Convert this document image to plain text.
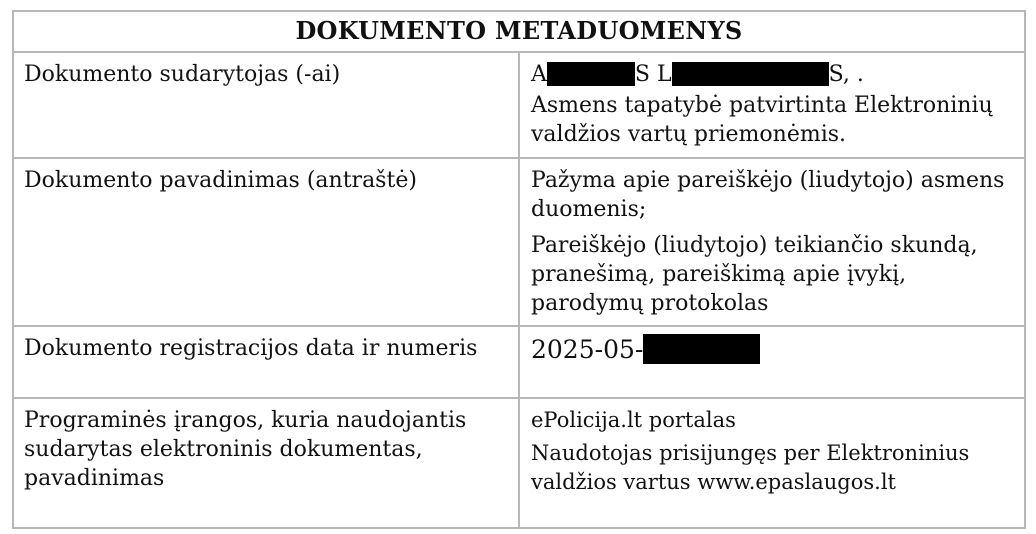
DOKUMENTO METADUOMENYS	
Dokumento sudarytojas (-ai)	A S L S, .

Asmens tapatybė patvirtinta Elektroninių valdžios vartų priemonėmis.

Dokumento pavadinimas (antraštė)	Pažyma apie pareiškėjo (liudytojo) asmens duomenis;

Pareiškėjo (liudytojo) teikiančio skundą, pranešimą, pareiškimą apie įvykį, parodymų protokolas

Dokumento registracijos data ir numeris	2025-05-

Programinės įrangos, kuria naudojantis sudarytas elektroninis dokumentas, pavadinimas	ePolicija.lt portalas

Naudotojas prisijungęs per Elektroninius valdžios vartus www.epaslaugos.lt
